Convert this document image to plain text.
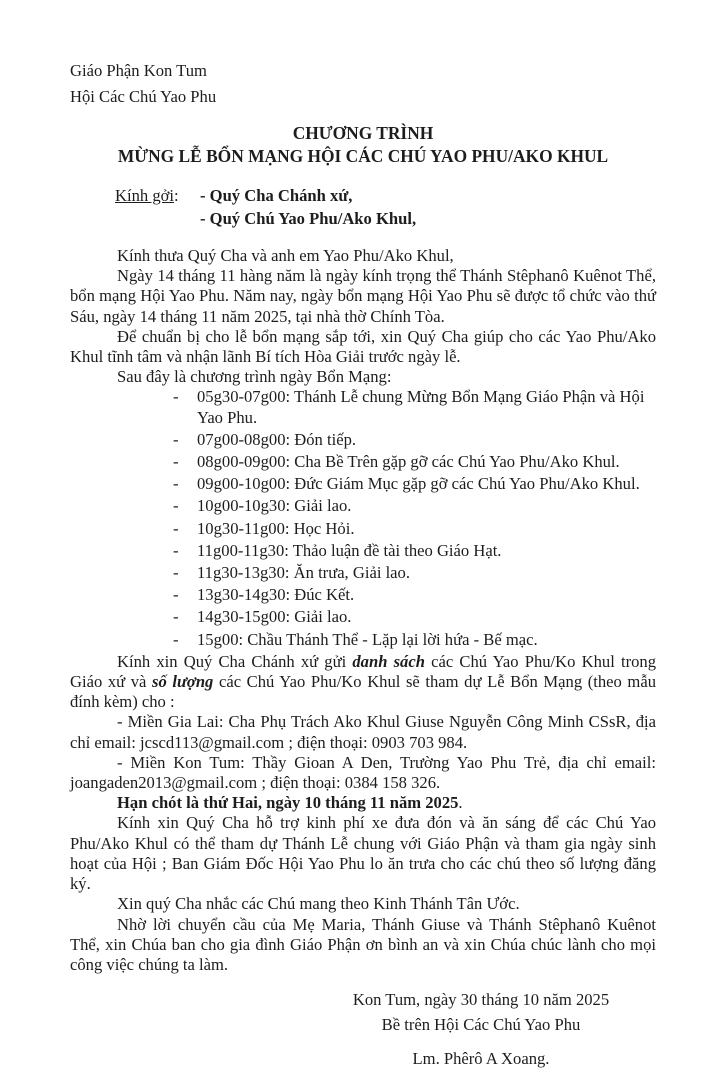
Giáo Phận Kon Tum
Hội Các Chú Yao Phu
CHƯƠNG TRÌNH
MỪNG LỄ BỔN MẠNG HỘI CÁC CHÚ YAO PHU/AKO KHUL
Kính gởi:	- Quý Cha Chánh xứ,
- Quý Chú Yao Phu/Ako Khul,

Kính thưa Quý Cha và anh em Yao Phu/Ako Khul,

Ngày 14 tháng 11 hàng năm là ngày kính trọng thể Thánh Stêphanô Kuênot Thể, bổn mạng Hội Yao Phu. Năm nay, ngày bổn mạng Hội Yao Phu sẽ được tổ chức vào thứ Sáu, ngày 14 tháng 11 năm 2025, tại nhà thờ Chính Tòa.

Để chuẩn bị cho lễ bổn mạng sắp tới, xin Quý Cha giúp cho các Yao Phu/Ako Khul tĩnh tâm và nhận lãnh Bí tích Hòa Giải trước ngày lễ.

Sau đây là chương trình ngày Bổn Mạng:

-	05g30-07g00: Thánh Lễ chung Mừng Bổn Mạng Giáo Phận và Hội Yao Phu.
-	07g00-08g00: Đón tiếp.
-	08g00-09g00: Cha Bề Trên gặp gỡ các Chú Yao Phu/Ako Khul.
-	09g00-10g00: Đức Giám Mục gặp gỡ các Chú Yao Phu/Ako Khul.
-	10g00-10g30: Giải lao.
-	10g30-11g00: Học Hỏi.
-	11g00-11g30: Thảo luận đề tài theo Giáo Hạt.
-	11g30-13g30: Ăn trưa, Giải lao.
-	13g30-14g30: Đúc Kết.
-	14g30-15g00: Giải lao.
-	15g00: Chầu Thánh Thể - Lặp lại lời hứa - Bế mạc.

Kính xin Quý Cha Chánh xứ gửi danh sách các Chú Yao Phu/Ko Khul trong Giáo xứ và số lượng các Chú Yao Phu/Ko Khul sẽ tham dự Lễ Bổn Mạng (theo mẫu đính kèm) cho :

- Miền Gia Lai: Cha Phụ Trách Ako Khul Giuse Nguyễn Công Minh CSsR, địa chỉ email: jcscd113@gmail.com ; điện thoại: 0903 703 984.

- Miền Kon Tum: Thầy Gioan A Den, Trường Yao Phu Trẻ, địa chỉ email: joangaden2013@gmail.com ; điện thoại: 0384 158 326.

Hạn chót là thứ Hai, ngày 10 tháng 11 năm 2025.

Kính xin Quý Cha hỗ trợ kinh phí xe đưa đón và ăn sáng để các Chú Yao Phu/Ako Khul có thể tham dự Thánh Lễ chung với Giáo Phận và tham gia ngày sinh hoạt của Hội ; Ban Giám Đốc Hội Yao Phu lo ăn trưa cho các chú theo số lượng đăng ký.

Xin quý Cha nhắc các Chú mang theo Kinh Thánh Tân Ước.

Nhờ lời chuyển cầu của Mẹ Maria, Thánh Giuse và Thánh Stêphanô Kuênot Thể, xin Chúa ban cho gia đình Giáo Phận ơn bình an và xin Chúa chúc lành cho mọi công việc chúng ta làm.

Kon Tum, ngày 30 tháng 10 năm 2025
Bề trên Hội Các Chú Yao Phu
Lm. Phêrô A Xoang.
